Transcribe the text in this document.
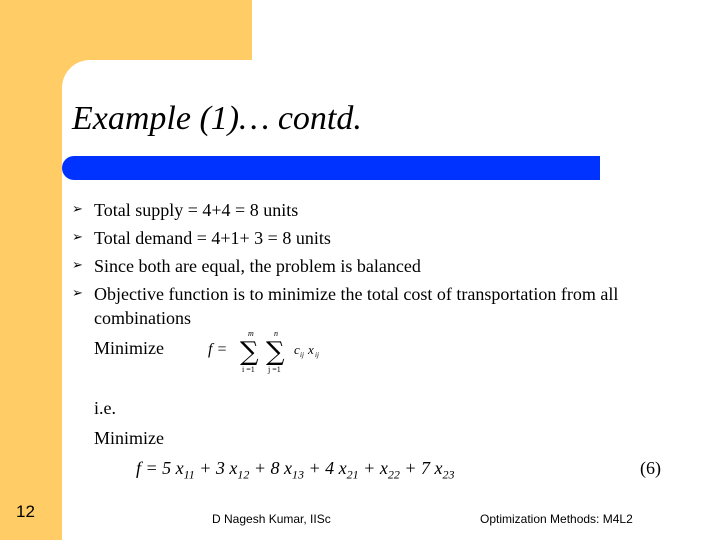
Example (1)… contd.
➢ Total supply = 4+4 = 8 units
➢ Total demand = 4+1+ 3 = 8 units
➢ Since both are equal, the problem is balanced
➢ Objective function is to minimize the total cost of transportation from all combinations
Minimize	f =
m
∑
i =1
n
∑
j =1
c ij x ij
i.e.
Minimize
f = 5 $x_{11} + 3$ $x_{12} + 8$ $x_{13} + 4$ $x_{21} + x_{22} + 7$ $x_{23}$	(6)
12	D Nagesh Kumar, IISc	Optimization Methods: M4L2
